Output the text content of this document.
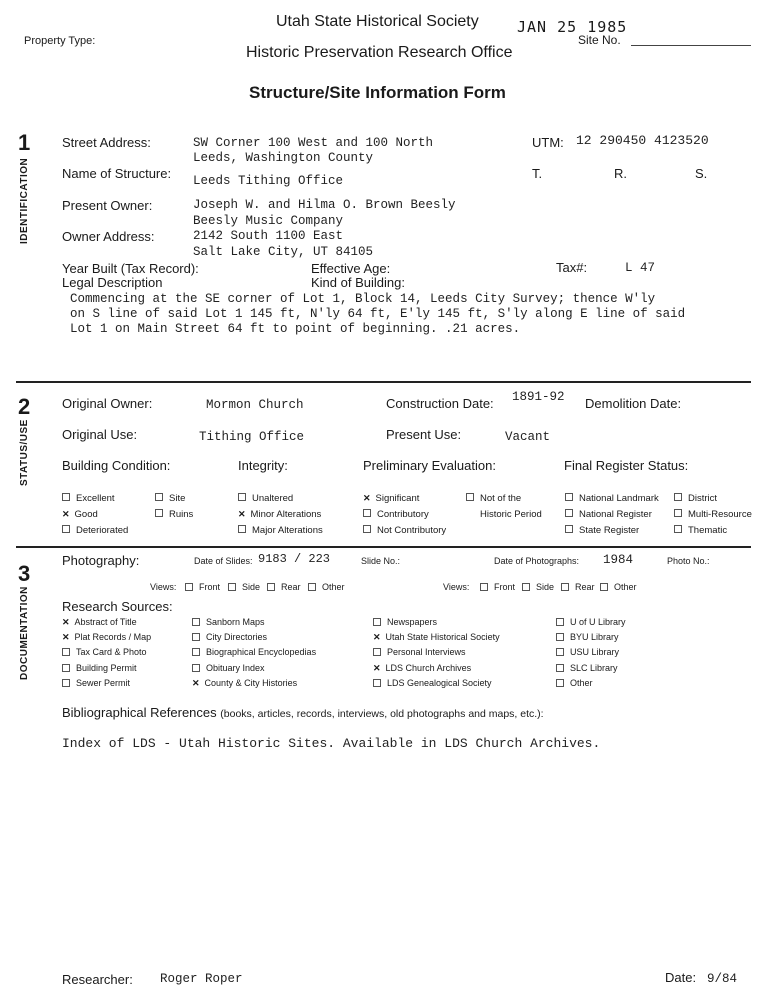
Property Type:
Utah State Historical Society	JAN 25 1985
Historic Preservation Research Office
Site No.
Structure/Site Information Form
1
IDENTIFICATION
Street Address:	SW Corner 100 West and 100 North
Leeds, Washington County
UTM: 12 290450 4123520
Name of Structure: Leeds Tithing Office	T.	R.	S.
Present Owner:	Joseph W. and Hilma O. Brown Beesly
Beesly Music Company
Owner Address:	2142 South 1100 East
Salt Lake City, UT 84105
Year Built (Tax Record):	Effective Age:	Tax#:	L 47
Legal Description	Kind of Building:
Commencing at the SE corner of Lot 1, Block 14, Leeds City Survey; thence W'ly
on S line of said Lot 1 145 ft, N'ly 64 ft, E'ly 145 ft, S'ly along E line of said
Lot 1 on Main Street 64 ft to point of beginning. .21 acres.
2
STATUS/USE
Original Owner:	Mormon Church	Construction Date: 1891-92 Demolition Date:
Original Use:	Tithing Office	Present Use:	Vacant
Building Condition:	Integrity:	Preliminary Evaluation:	Final Register Status:
Excellent
✕ Good
Deteriorated
Site
Ruins
Unaltered
✕ Minor Alterations
Major Alterations
✕ Significant
Contributory
Not Contributory
Not of the
Historic Period
National Landmark
National Register
State Register
District
Multi-Resource
Thematic
3
DOCUMENTATION
Photography:	Date of Slides: 9183 / 223	Slide No.:	Date of Photographs: 1984	Photo No.:
Views:	Front	Side	Rear	Other	Views:	Front	Side	Rear	Other
Research Sources:
✕ Abstract of Title
✕ Plat Records / Map
Tax Card & Photo
Building Permit
Sewer Permit
Sanborn Maps
City Directories
Biographical Encyclopedias
Obituary Index
✕ County & City Histories
Newspapers
✕ Utah State Historical Society
Personal Interviews
✕ LDS Church Archives
LDS Genealogical Society
U of U Library
BYU Library
USU Library
SLC Library
Other
Bibliographical References (books, articles, records, interviews, old photographs and maps, etc.):
Index of LDS - Utah Historic Sites. Available in LDS Church Archives.
Researcher: Roger Roper	Date: 9/84
